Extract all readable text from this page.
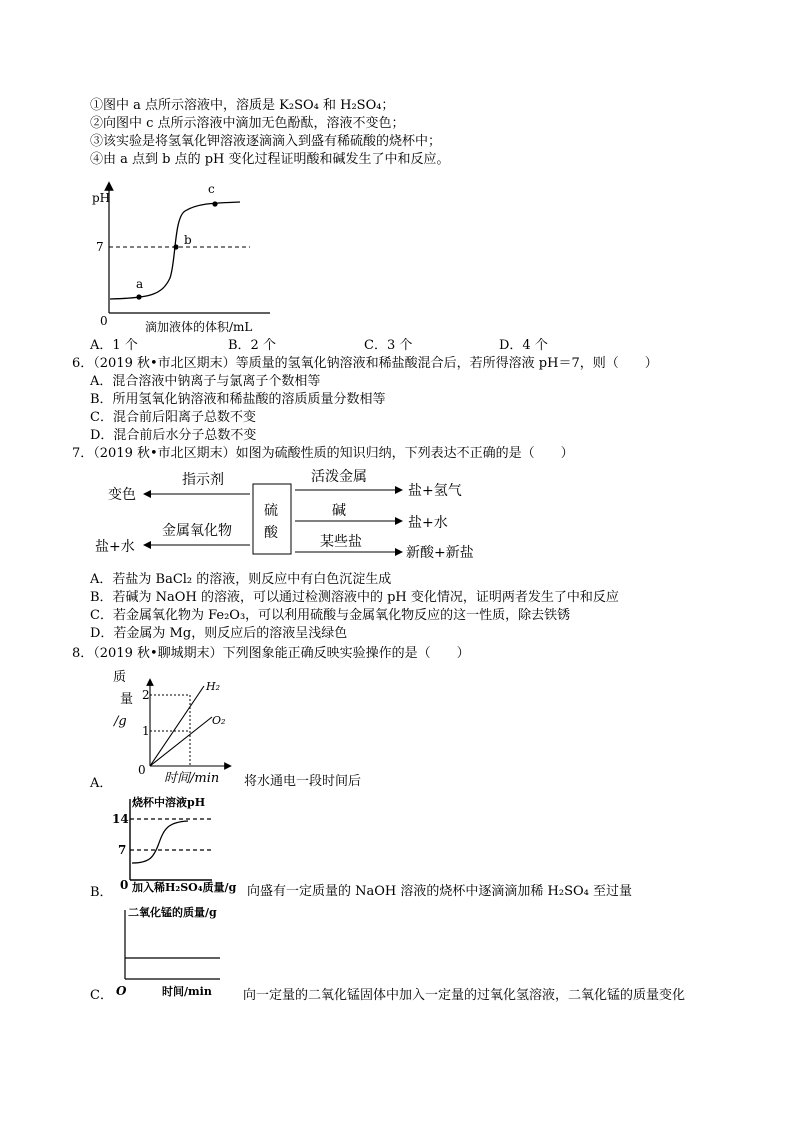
①图中 a 点所示溶液中，溶质是 K₂SO₄ 和 H₂SO₄；
②向图中 c 点所示溶液中滴加无色酚酞，溶液不变色；
③该实验是将氢氧化钾溶液逐滴滴入到盛有稀硫酸的烧杯中；
④由 a 点到 b 点的 pH 变化过程证明酸和碱发生了中和反应。
pH
7
0
a
b
c
滴加液体的体积/mL
A．1 个	B．2 个	C．3 个	D．4 个
6．（2019 秋•市北区期末）等质量的氢氧化钠溶液和稀盐酸混合后，若所得溶液 pH＝7，则（　　）
A．混合溶液中钠离子与氯离子个数相等
B．所用氢氧化钠溶液和稀盐酸的溶质质量分数相等
C．混合前后阳离子总数不变
D．混合前后水分子总数不变
7．（2019 秋•市北区期末）如图为硫酸性质的知识归纳，下列表达不正确的是（　　）
硫
酸
指示剂
变色
金属氧化物
盐+水
活泼金属
盐+氢气
碱
盐+水
某些盐
新酸+新盐
A．若盐为 BaCl₂ 的溶液，则反应中有白色沉淀生成
B．若碱为 NaOH 的溶液，可以通过检测溶液中的 pH 变化情况，证明两者发生了中和反应
C．若金属氧化物为 Fe₂O₃，可以利用硫酸与金属氧化物反应的这一性质，除去铁锈
D．若金属为 Mg，则反应后的溶液呈浅绿色
8．（2019 秋•聊城期末）下列图象能正确反映实验操作的是（　　）
质
量
/g
2
1
0
H₂
O₂
时间/min
A．	将水通电一段时间后
烧杯中溶液pH
14
7
0 加入稀H₂SO₄质量/g
B．	向盛有一定质量的 NaOH 溶液的烧杯中逐滴滴加稀 H₂SO₄ 至过量
二氧化锰的质量/g
O	时间/min
C．	向一定量的二氧化锰固体中加入一定量的过氧化氢溶液，二氧化锰的质量变化
